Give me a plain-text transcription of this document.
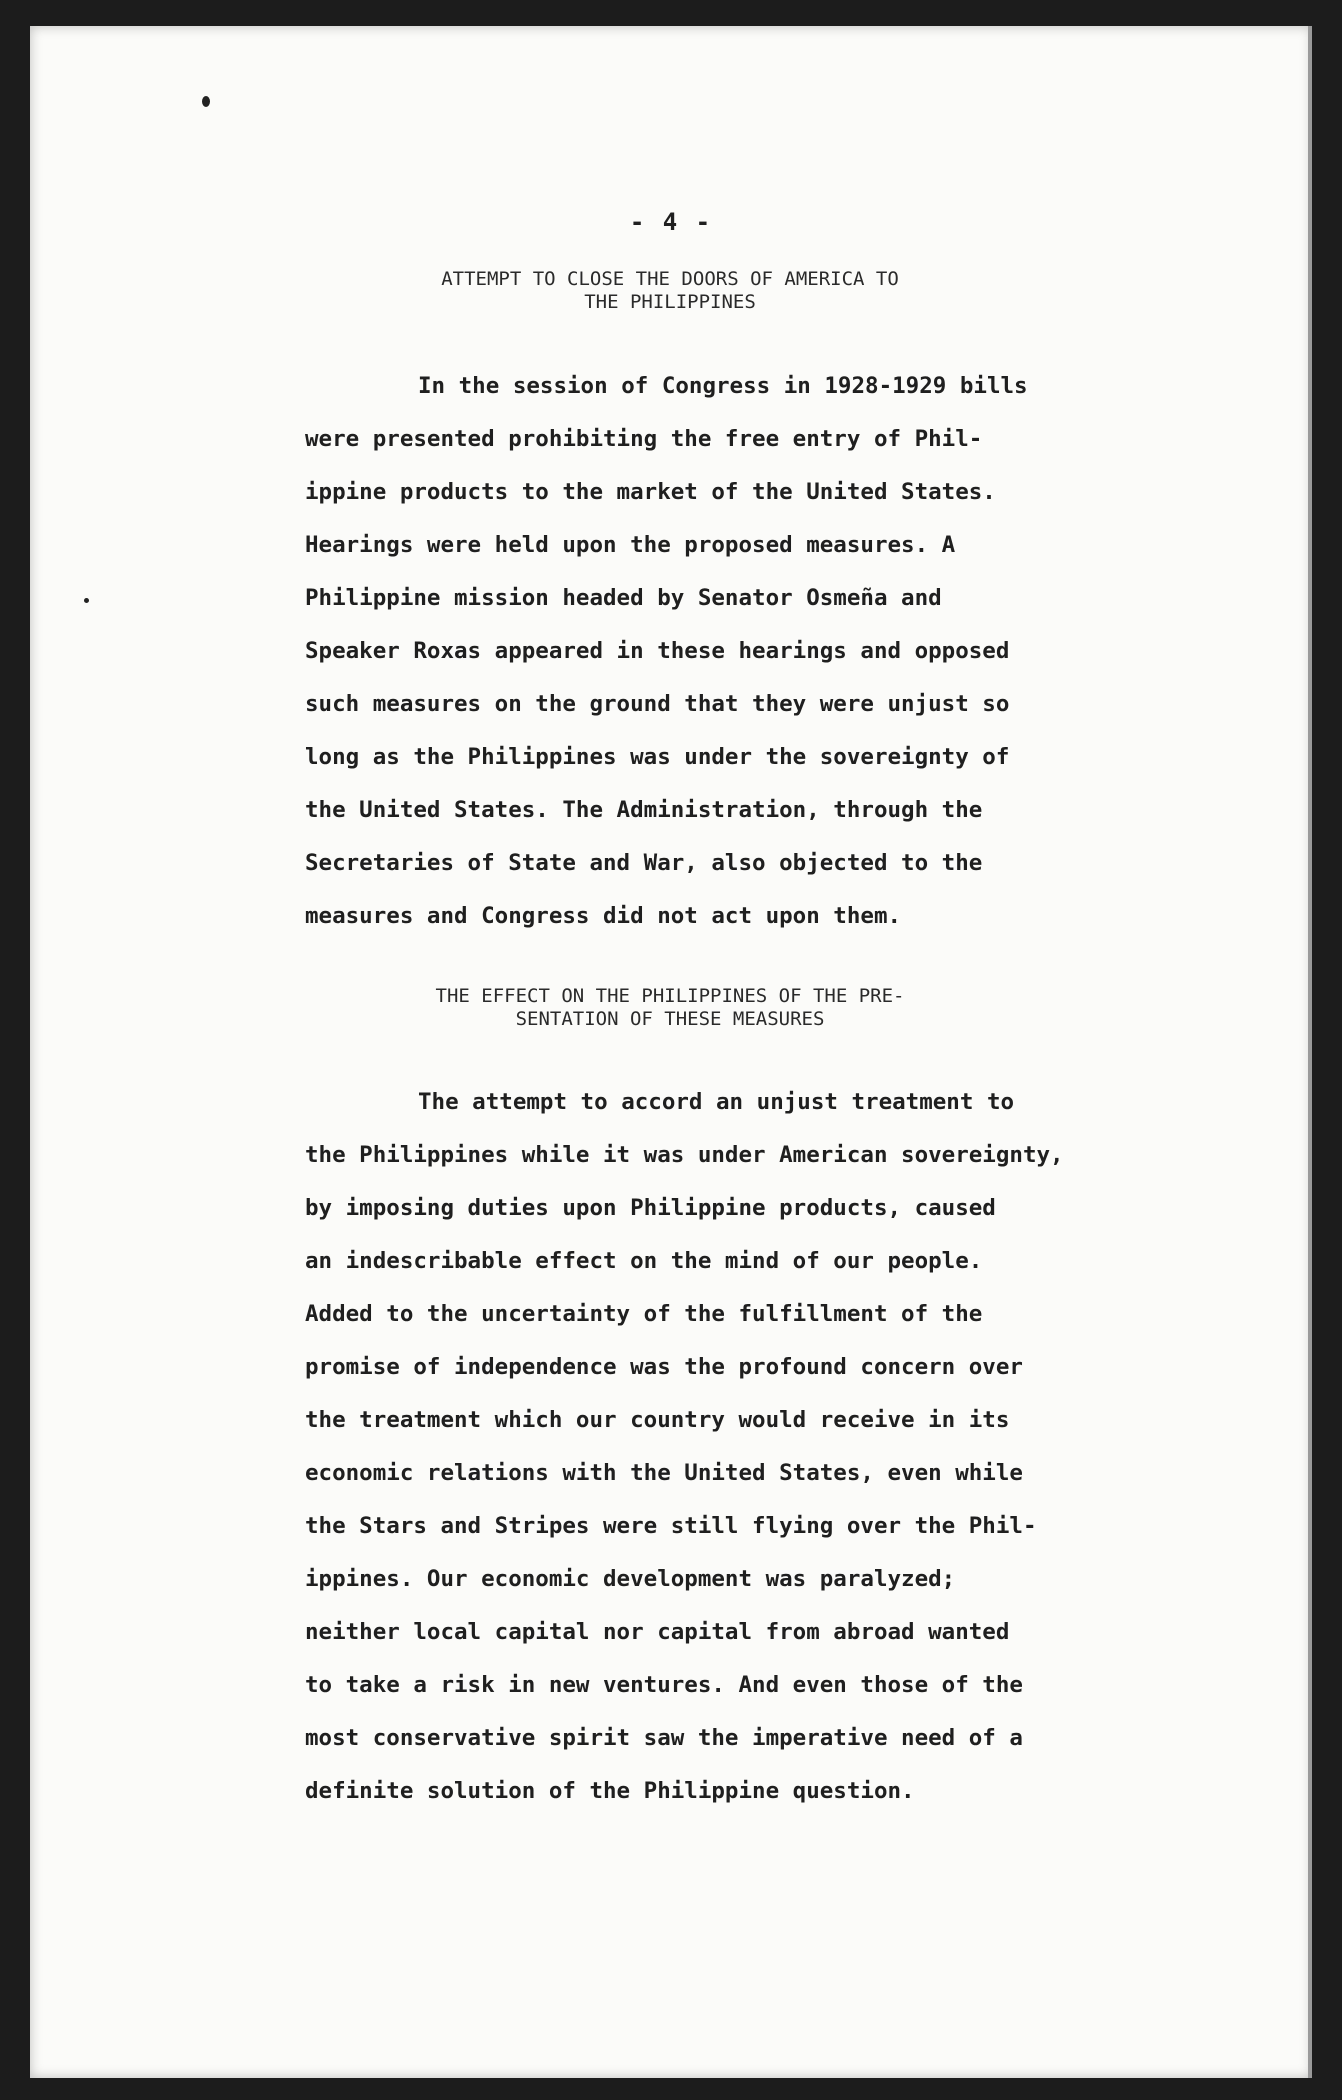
- 4 -
ATTEMPT TO CLOSE THE DOORS OF AMERICA TO
THE PHILIPPINES
In the session of Congress in 1928-1929 bills
were presented prohibiting the free entry of Phil-
ippine products to the market of the United States.
Hearings were held upon the proposed measures. A
Philippine mission headed by Senator Osmeña and
Speaker Roxas appeared in these hearings and opposed
such measures on the ground that they were unjust so
long as the Philippines was under the sovereignty of
the United States. The Administration, through the
Secretaries of State and War, also objected to the
measures and Congress did not act upon them.
THE EFFECT ON THE PHILIPPINES OF THE PRE-
SENTATION OF THESE MEASURES
The attempt to accord an unjust treatment to
the Philippines while it was under American sovereignty,
by imposing duties upon Philippine products, caused
an indescribable effect on the mind of our people.
Added to the uncertainty of the fulfillment of the
promise of independence was the profound concern over
the treatment which our country would receive in its
economic relations with the United States, even while
the Stars and Stripes were still flying over the Phil-
ippines. Our economic development was paralyzed;
neither local capital nor capital from abroad wanted
to take a risk in new ventures. And even those of the
most conservative spirit saw the imperative need of a
definite solution of the Philippine question.
